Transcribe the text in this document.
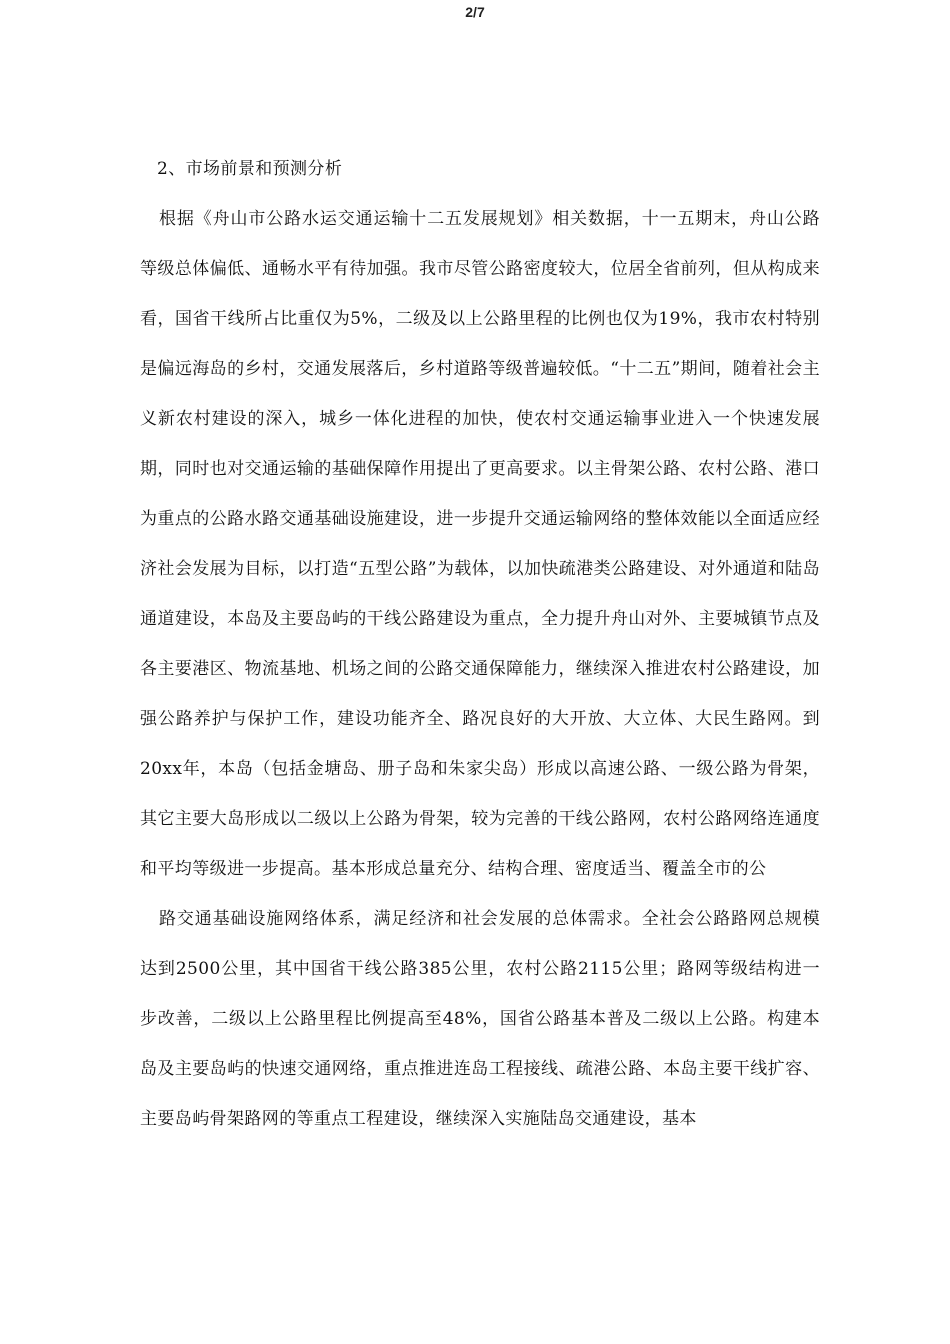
2/7

2、市场前景和预测分析

根据《舟山市公路水运交通运输十二五发展规划》相关数据，十一五期末，舟山公路等级总体偏低、通畅水平有待加强。我市尽管公路密度较大，位居全省前列，但从构成来看，国省干线所占比重仅为5%，二级及以上公路里程的比例也仅为19%，我市农村特别是偏远海岛的乡村，交通发展落后，乡村道路等级普遍较低。“十二五”期间，随着社会主义新农村建设的深入，城乡一体化进程的加快，使农村交通运输事业进入一个快速发展期，同时也对交通运输的基础保障作用提出了更高要求。以主骨架公路、农村公路、港口为重点的公路水路交通基础设施建设，进一步提升交通运输网络的整体效能以全面适应经济社会发展为目标，以打造“五型公路”为载体，以加快疏港类公路建设、对外通道和陆岛通道建设，本岛及主要岛屿的干线公路建设为重点，全力提升舟山对外、主要城镇节点及各主要港区、物流基地、机场之间的公路交通保障能力，继续深入推进农村公路建设，加强公路养护与保护工作，建设功能齐全、路况良好的大开放、大立体、大民生路网。到20xx年，本岛（包括金塘岛、册子岛和朱家尖岛）形成以高速公路、一级公路为骨架，其它主要大岛形成以二级以上公路为骨架，较为完善的干线公路网，农村公路网络连通度和平均等级进一步提高。基本形成总量充分、结构合理、密度适当、覆盖全市的公

路交通基础设施网络体系，满足经济和社会发展的总体需求。全社会公路路网总规模达到2500公里，其中国省干线公路385公里，农村公路2115公里；路网等级结构进一步改善，二级以上公路里程比例提高至48%，国省公路基本普及二级以上公路。构建本岛及主要岛屿的快速交通网络，重点推进连岛工程接线、疏港公路、本岛主要干线扩容、主要岛屿骨架路网的等重点工程建设，继续深入实施陆岛交通建设，基本
